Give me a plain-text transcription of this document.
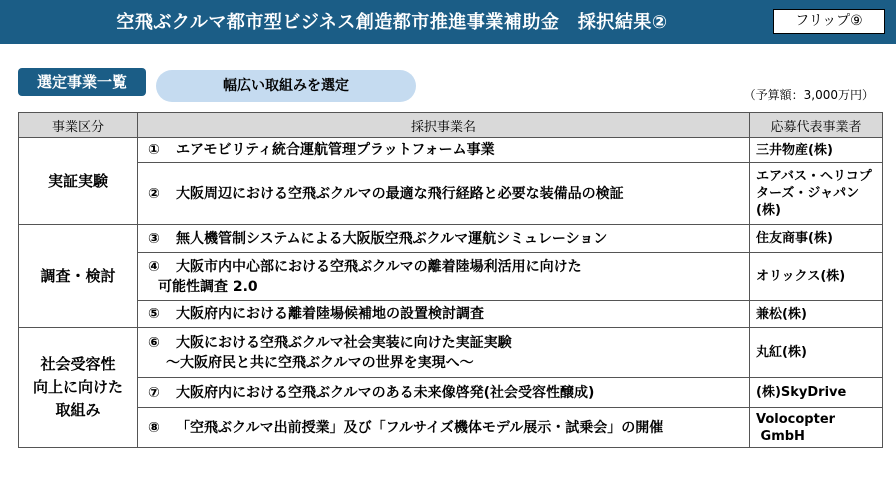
空飛ぶクルマ都市型ビジネス創造都市推進事業補助金　採択結果②	フリップ⑨
選定事業一覧	幅広い取組みを選定
（予算額：3,000万円）
事業区分	採択事業名	応募代表事業者
実証実験	① エアモビリティ統合運航管理プラットフォーム事業	三井物産(株)
	② 大阪周辺における空飛ぶクルマの最適な飛行経路と必要な装備品の検証	エアバス・ヘリコプ
ターズ・ジャパン
(株)
調査・検討	③ 無人機管制システムによる大阪版空飛ぶクルマ運航シミュレーション	住友商事(株)
	④ 大阪市内中心部における空飛ぶクルマの離着陸場利活用に向けた
可能性調査 2.0	オリックス(株)
	⑤ 大阪府内における離着陸場候補地の設置検討調査	兼松(株)
社会受容性
向上に向けた
取組み	⑥ 大阪における空飛ぶクルマ社会実装に向けた実証実験
～大阪府民と共に空飛ぶクルマの世界を実現へ～	丸紅(株)
	⑦ 大阪府内における空飛ぶクルマのある未来像啓発(社会受容性醸成)	(株)SkyDrive
	⑧ 「空飛ぶクルマ出前授業」及び「フルサイズ機体モデル展示・試乗会」の開催	Volocopter
GmbH
